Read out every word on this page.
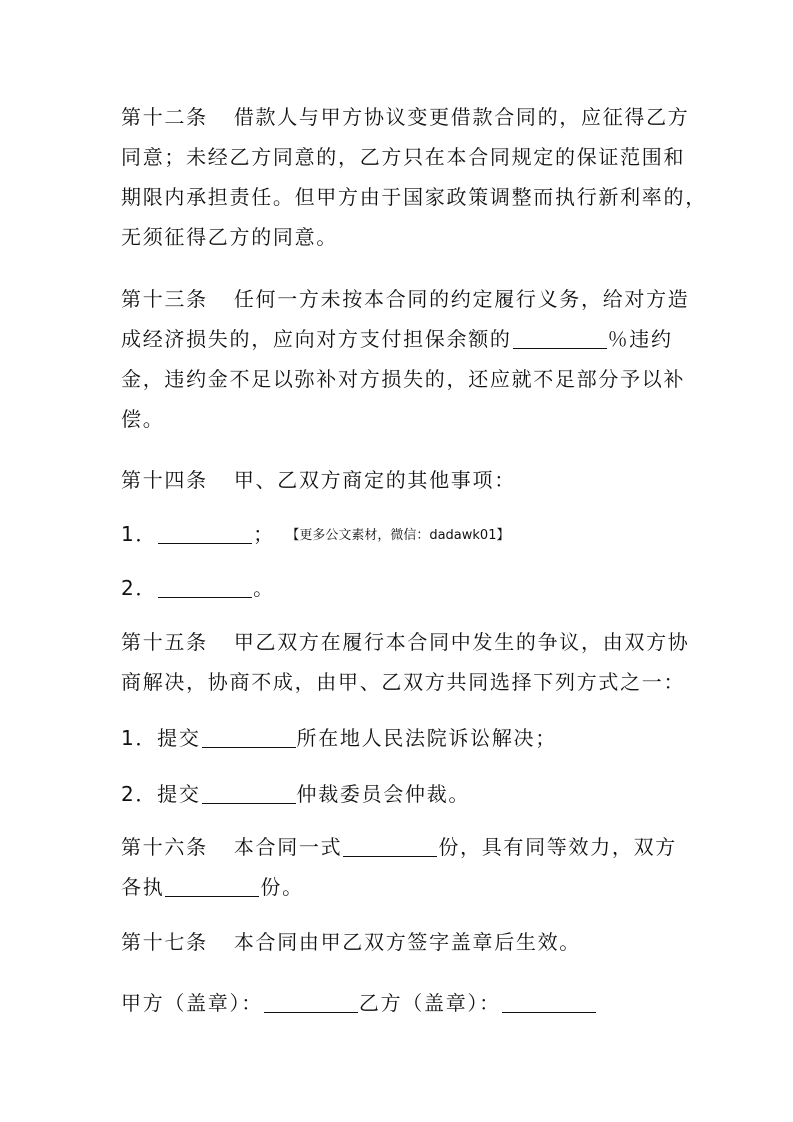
第十二条 借款人与甲方协议变更借款合同的，应征得乙方
同意；未经乙方同意的，乙方只在本合同规定的保证范围和
期限内承担责任。但甲方由于国家政策调整而执行新利率的，
无须征得乙方的同意。
第十三条 任何一方未按本合同的约定履行义务，给对方造
成经济损失的，应向对方支付担保余额的	％违约
金，违约金不足以弥补对方损失的，还应就不足部分予以补
偿。
第十四条 甲、乙双方商定的其他事项：
1．	； 【更多公文素材，微信：dadawk01】
2．	。
第十五条 甲乙双方在履行本合同中发生的争议，由双方协
商解决，协商不成，由甲、乙双方共同选择下列方式之一：
1．提交	所在地人民法院诉讼解决；
2．提交	仲裁委员会仲裁。
第十六条 本合同一式	份，具有同等效力，双方
各执	份。
第十七条 本合同由甲乙双方签字盖章后生效。
甲方（盖章）：	乙方（盖章）：
